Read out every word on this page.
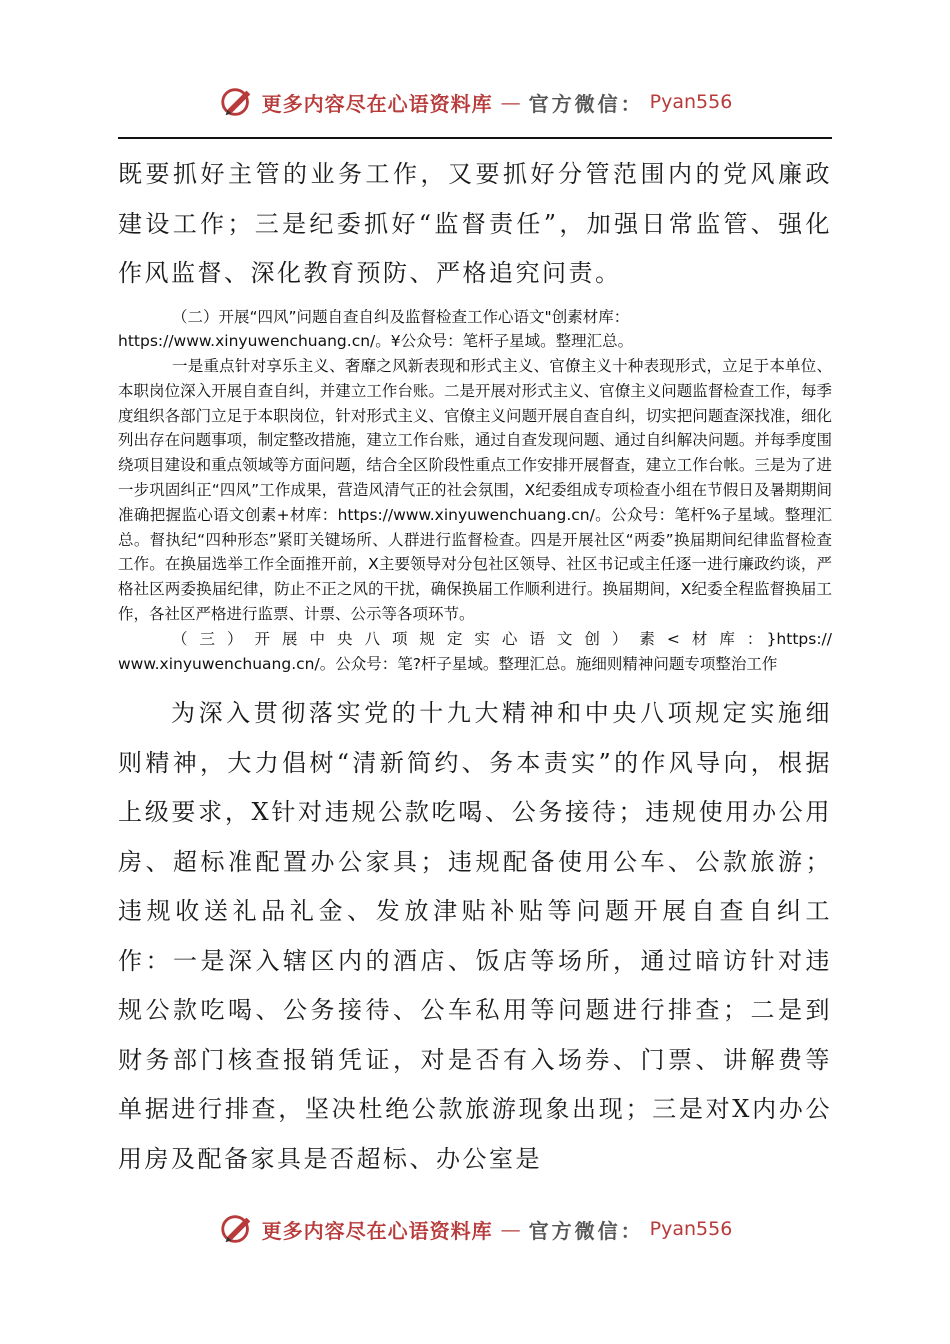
更多内容尽在心语资料库 — 官方微信： Pyan556

既要抓好主管的业务工作，又要抓好分管范围内的党风廉政建设工作；三是纪委抓好“监督责任”，加强日常监管、强化作风监督、深化教育预防、严格追究问责。

（二）开展“四风”问题自查自纠及监督检查工作心语文"创素材库：https://www.xinyuwenchuang.cn/。¥公众号：笔杆子星域。整理汇总。

一是重点针对享乐主义、奢靡之风新表现和形式主义、官僚主义十种表现形式，立足于本单位、本职岗位深入开展自查自纠，并建立工作台账。二是开展对形式主义、官僚主义问题监督检查工作，每季度组织各部门立足于本职岗位，针对形式主义、官僚主义问题开展自查自纠，切实把问题查深找准，细化列出存在问题事项，制定整改措施，建立工作台账，通过自查发现问题、通过自纠解决问题。并每季度围绕项目建设和重点领域等方面问题，结合全区阶段性重点工作安排开展督查，建立工作台帐。三是为了进一步巩固纠正“四风”工作成果，营造风清气正的社会氛围，X纪委组成专项检查小组在节假日及暑期期间准确把握监心语文创素+材库：https://www.xinyuwenchuang.cn/。公众号：笔杆%子星域。整理汇总。督执纪“四种形态”紧盯关键场所、人群进行监督检查。四是开展社区“两委”换届期间纪律监督检查工作。在换届选举工作全面推开前，X主要领导对分包社区领导、社区书记或主任逐一进行廉政约谈，严格社区两委换届纪律，防止不正之风的干扰，确保换届工作顺利进行。换届期间，X纪委全程监督换届工作，各社区严格进行监票、计票、公示等各项环节。

（三）开展中央八项规定实心语文创）素<材库：}https://

www.xinyuwenchuang.cn/。公众号：笔?杆子星域。整理汇总。施细则精神问题专项整治工作

为深入贯彻落实党的十九大精神和中央八项规定实施细则精神，大力倡树“清新简约、务本责实”的作风导向，根据上级要求，X针对违规公款吃喝、公务接待；违规使用办公用房、超标准配置办公家具；违规配备使用公车、公款旅游；违规收送礼品礼金、发放津贴补贴等问题开展自查自纠工作：一是深入辖区内的酒店、饭店等场所，通过暗访针对违规公款吃喝、公务接待、公车私用等问题进行排查；二是到财务部门核查报销凭证，对是否有入场券、门票、讲解费等单据进行排查，坚决杜绝公款旅游现象出现；三是对X内办公用房及配备家具是否超标、办公室是

更多内容尽在心语资料库 — 官方微信： Pyan556
